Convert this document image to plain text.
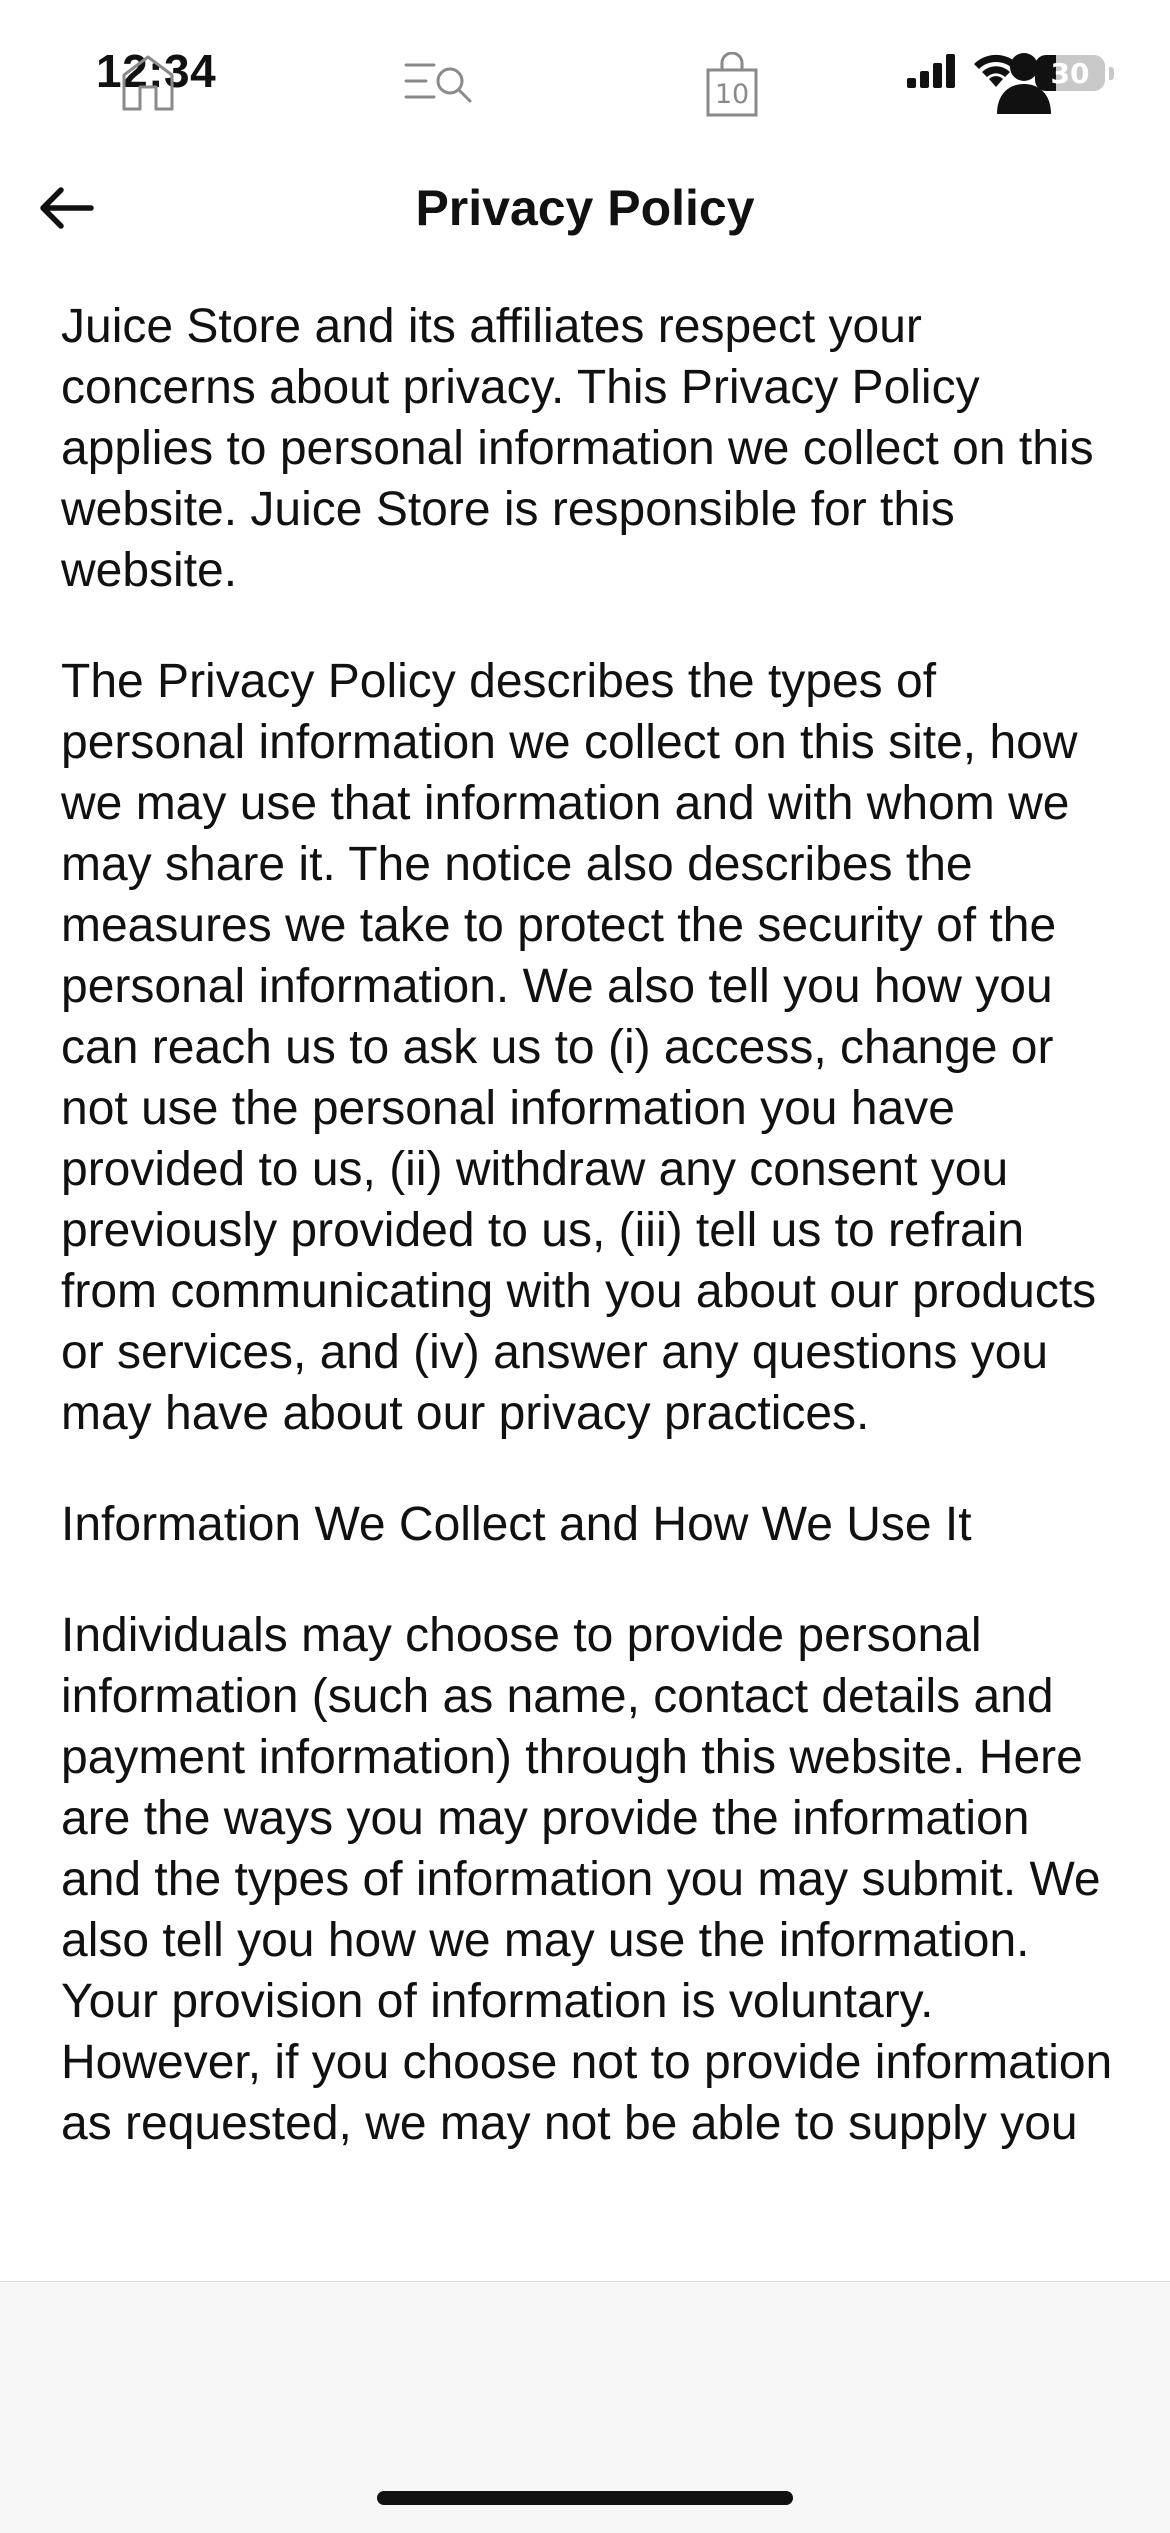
12:34	30
Privacy Policy

Juice Store and its affiliates respect your concerns about privacy. This Privacy Policy applies to personal information we collect on this website. Juice Store is responsible for this website.

The Privacy Policy describes the types of personal information we collect on this site, how we may use that information and with whom we may share it. The notice also describes the measures we take to protect the security of the personal information. We also tell you how you can reach us to ask us to (i) access, change or not use the personal information you have provided to us, (ii) withdraw any consent you previously provided to us, (iii) tell us to refrain from communicating with you about our products or services, and (iv) answer any questions you may have about our privacy practices.

Information We Collect and How We Use It

Individuals may choose to provide personal information (such as name, contact details and payment information) through this website. Here are the ways you may provide the information and the types of information you may submit. We also tell you how we may use the information. Your provision of information is voluntary. However, if you choose not to provide information as requested, we may not be able to supply you

10
